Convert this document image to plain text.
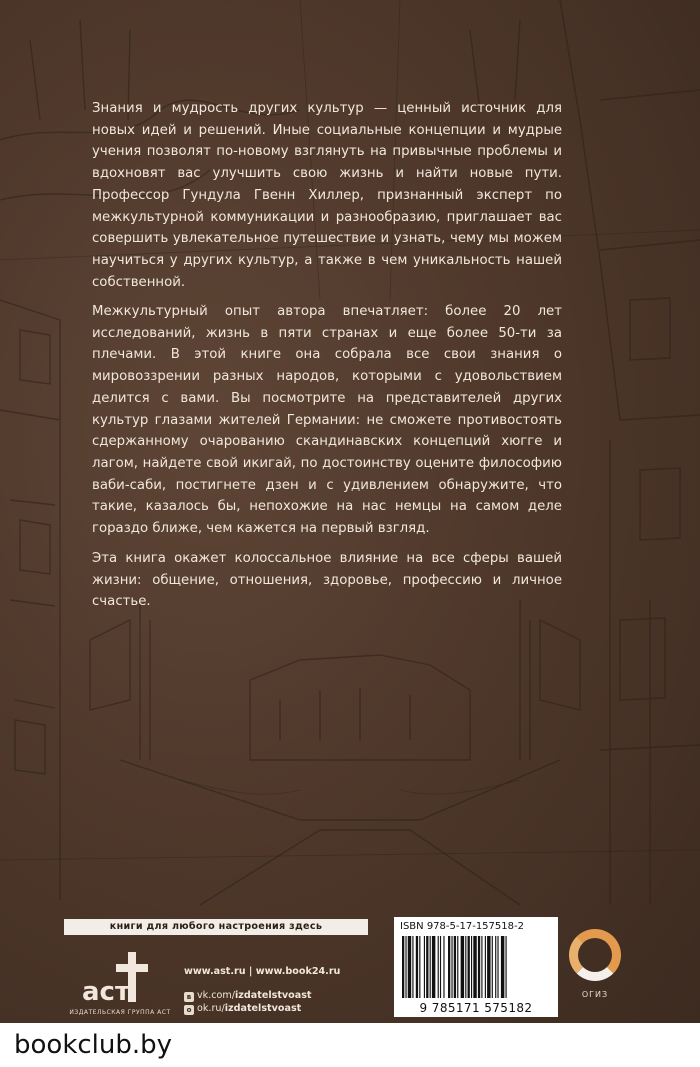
Знания и мудрость других культур — ценный источник для новых идей и решений. Иные социальные концепции и мудрые учения позволят по-новому взглянуть на привычные проблемы и вдохновят вас улучшить свою жизнь и найти новые пути. Профессор Гундула Гвенн Хиллер, признанный эксперт по межкультурной коммуникации и разнообразию, приглашает вас совершить увлекательное путешествие и узнать, чему мы можем научиться у других культур, а также в чем уникальность нашей собственной.

Межкультурный опыт автора впечатляет: более 20 лет исследований, жизнь в пяти странах и еще более 50-ти за плечами. В этой книге она собрала все свои знания о мировоззрении разных народов, которыми с удовольствием делится с вами. Вы посмотрите на представителей других культур глазами жителей Германии: не сможете противостоять сдержанному очарованию скандинавских концепций хюгге и лагом, найдете свой икигай, по достоинству оцените философию ваби-саби, постигнете дзен и с удивлением обнаружите, что такие, казалось бы, непохожие на нас немцы на самом деле гораздо ближе, чем кажется на первый взгляд.

Эта книга окажет колоссальное влияние на все сферы вашей жизни: общение, отношения, здоровье, профессию и личное счастье.

книги для любого настроения здесь
аст
ИЗДАТЕЛЬСКАЯ ГРУППА АСТ
www.ast.ru | www.book24.ru
в vk.com/izdatelstvoast
о ok.ru/izdatelstvoast
ISBN 978-5-17-157518-2
9 785171 575182
ОГИЗ
bookclub.by
